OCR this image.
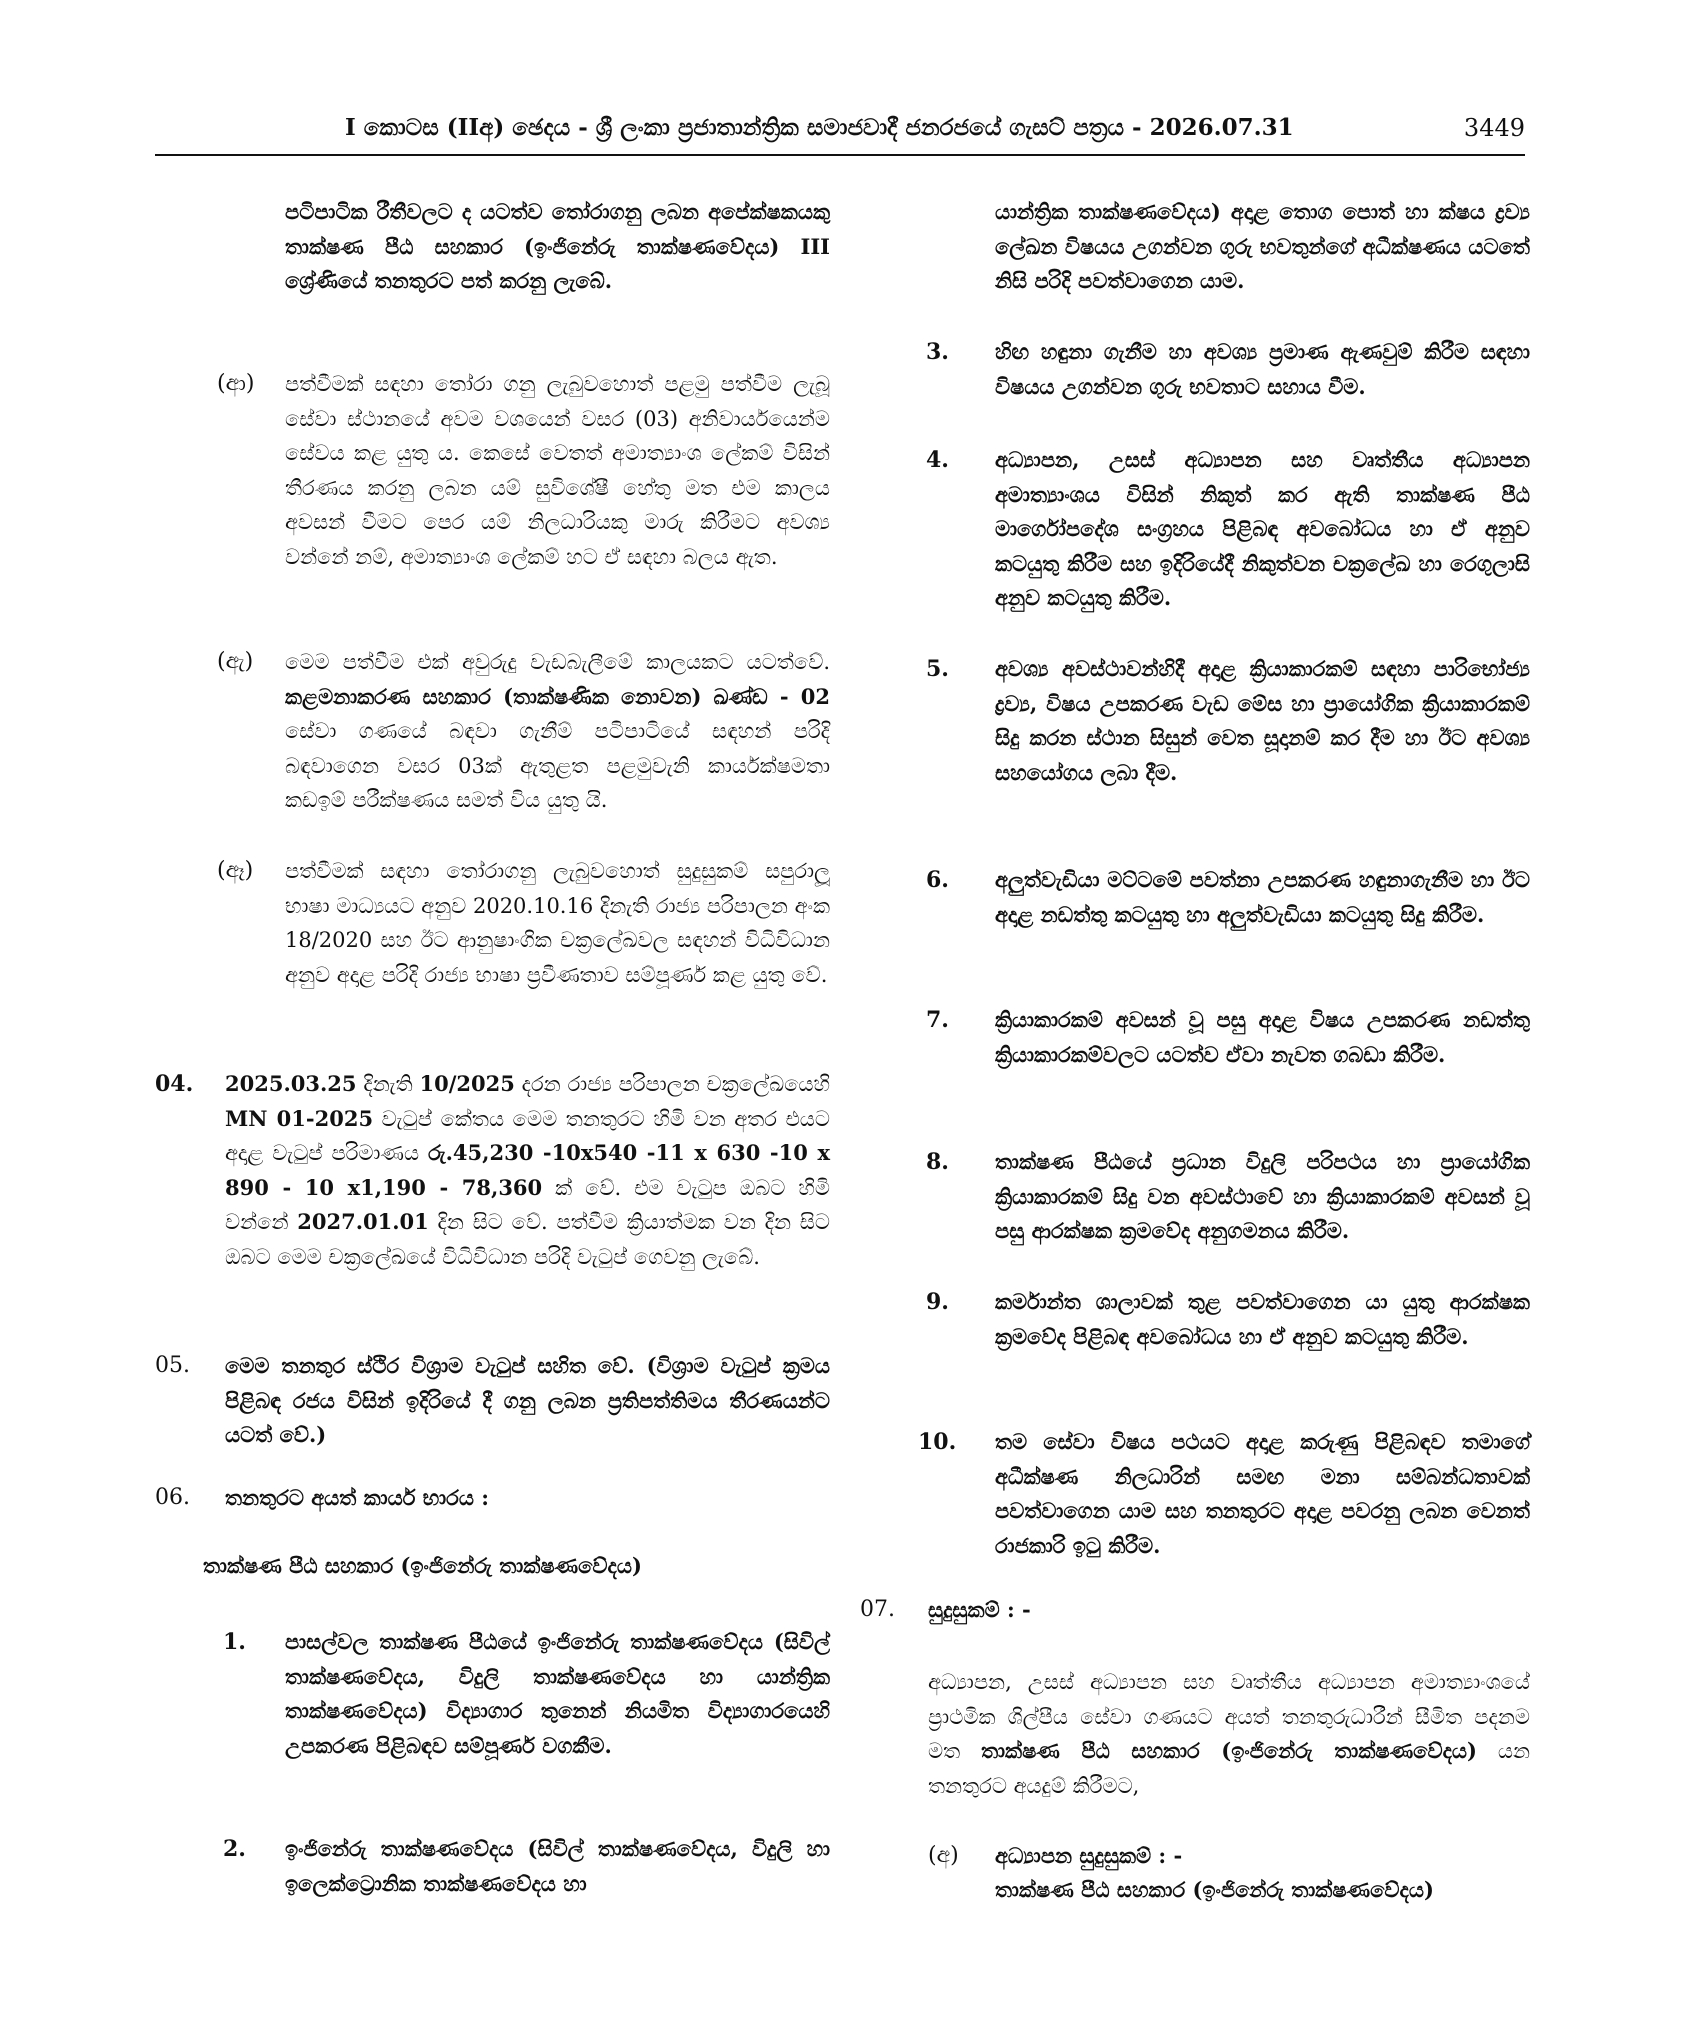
I කොටස (IIඅ) ඡෙදය - ශ්‍රී ලංකා ප්‍රජාතාන්ත්‍රික සමාජවාදී ජනරජයේ ගැසට් පත්‍රය - 2026.07.31	3449

පටිපාටික රීතීවලට ද යටත්ව තෝරාගනු ලබන අපේක්ෂකයකු තාක්ෂණ පීඨ සහකාර (ඉංජිනේරු තාක්ෂණවේදය) III ශ්‍රේණියේ තනතුරට පත් කරනු ලැබේ.

(ආ) පත්වීමක් සඳහා තෝරා ගනු ලැබුවහොත් පළමු පත්වීම ලැබූ සේවා ස්ථානයේ අවම වශයෙන් වසර (03) අනිවාර්යයෙන්ම සේවය කළ යුතු ය. කෙසේ වෙතත් අමාත්‍යාංශ ලේකම් විසින් තීරණය කරනු ලබන යම් සුවිශේෂී හේතු මත එම කාලය අවසන් වීමට පෙර යම් නිලධාරියකු මාරු කිරීමට අවශ්‍ය වන්නේ නම්, අමාත්‍යාංශ ලේකම් හට ඒ සඳහා බලය ඇත.

(ඇ) මෙම පත්වීම එක් අවුරුදු වැඩබැලීමේ කාලයකට යටත්වේ. කළමනාකරණ සහකාර (තාක්ෂණික නොවන) ඛණ්ඩ - 02 සේවා ගණයේ බඳවා ගැනීම් පටිපාටියේ සඳහන් පරිදි බඳවාගෙන වසර 03ක් ඇතුළත පළමුවැනි කාර්යක්ෂමතා කඩඉම් පරීක්ෂණය සමත් විය යුතු යි.

(ඈ) පත්වීමක් සඳහා තෝරාගනු ලැබුවහොත් සුදුසුකම් සපුරාලූ භාෂා මාධ්‍යයට අනුව 2020.10.16 දිනැති රාජ්‍ය පරිපාලන අංක 18/2020 සහ ඊට ආනුෂාංගික චක්‍රලේඛවල සඳහන් විධිවිධාන අනුව අදාළ පරිදි රාජ්‍ය භාෂා ප්‍රවීණතාව සම්පූර්ණ කළ යුතු වේ.

04. 2025.03.25 දිනැති 10/2025 දරන රාජ්‍ය පරිපාලන චක්‍රලේඛයෙහි MN 01-2025 වැටුප් කේතය මෙම තනතුරට හිමි වන අතර එයට අදාළ වැටුප් පරිමාණය රු.45,230 -10x540 -11 x 630 -10 x 890 - 10 x1,190 - 78,360 ක් වේ. එම වැටුප ඔබට හිමි වන්නේ 2027.01.01 දින සිට වේ. පත්වීම ක්‍රියාත්මක වන දින සිට ඔබට මෙම චක්‍රලේඛයේ විධිවිධාන පරිදි වැටුප් ගෙවනු ලැබේ.

05. මෙම තනතුර ස්ථිර විශ්‍රාම වැටුප් සහිත වේ. (විශ්‍රාම වැටුප් ක්‍රමය පිළිබඳ රජය විසින් ඉදිරියේ දී ගනු ලබන ප්‍රතිපත්තිමය තීරණයන්ට යටත් වේ.)

06. තනතුරට අයත් කාර්ය භාරය :

තාක්ෂණ පීඨ සහකාර (ඉංජිනේරු තාක්ෂණවේදය)

1. පාසල්වල තාක්ෂණ පීඨයේ ඉංජිනේරු තාක්ෂණවේදය (සිවිල් තාක්ෂණවේදය, විදුලි තාක්ෂණවේදය හා යාන්ත්‍රික තාක්ෂණවේදය) විද්‍යාගාර තුනෙන් නියමිත විද්‍යාගාරයෙහි උපකරණ පිළිබඳව සම්පූර්ණ වගකීම.

2. ඉංජිනේරු තාක්ෂණවේදය (සිවිල් තාක්ෂණවේදය, විදුලි හා ඉලෙක්ට්‍රොනික තාක්ෂණවේදය හා

යාන්ත්‍රික තාක්ෂණවේදය) අදාළ තොග පොත් හා ක්ෂය ද්‍රව්‍ය ලේඛන විෂයය උගන්වන ගුරු භවතුන්ගේ අධීක්ෂණය යටතේ නිසි පරිදි පවත්වාගෙන යාම.

3. හිඟ හඳුනා ගැනීම හා අවශ්‍ය ප්‍රමාණ ඇණවුම් කිරීම සඳහා විෂයය උගන්වන ගුරු භවතාට සහාය වීම.

4. අධ්‍යාපන, උසස් අධ්‍යාපන සහ වෘත්තීය අධ්‍යාපන අමාත්‍යාංශය විසින් නිකුත් කර ඇති තාක්ෂණ පීඨ මාර්ගෝපදේශ සංග්‍රහය පිළිබඳ අවබෝධය හා ඒ අනුව කටයුතු කිරීම සහ ඉදිරියේදී නිකුත්වන චක්‍රලේඛ හා රෙගුලාසි අනුව කටයුතු කිරීම.

5. අවශ්‍ය අවස්ථාවන්හිදී අදාළ ක්‍රියාකාරකම් සඳහා පාරිභෝජ්‍ය ද්‍රව්‍ය, විෂය උපකරණ වැඩ මේස හා ප්‍රායෝගික ක්‍රියාකාරකම් සිදු කරන ස්ථාන සිසුන් වෙත සූදානම් කර දීම හා ඊට අවශ්‍ය සහයෝගය ලබා දීම.

6. අලුත්වැඩියා මට්ටමේ පවත්නා උපකරණ හඳුනාගැනීම හා ඊට අදාළ නඩත්තු කටයුතු හා අලුත්වැඩියා කටයුතු සිදු කිරීම.

7. ක්‍රියාකාරකම් අවසන් වූ පසු අදාළ විෂය උපකරණ නඩත්තු ක්‍රියාකාරකම්වලට යටත්ව ඒවා නැවත ගබඩා කිරීම.

8. තාක්ෂණ පීඨයේ ප්‍රධාන විදුලි පරිපථය හා ප්‍රායෝගික ක්‍රියාකාරකම් සිදු වන අවස්ථාවේ හා ක්‍රියාකාරකම් අවසන් වූ පසු ආරක්ෂක ක්‍රමවේද අනුගමනය කිරීම.

9. කර්මාන්ත ශාලාවක් තුළ පවත්වාගෙන යා යුතු ආරක්ෂක ක්‍රමවේද පිළිබඳ අවබෝධය හා ඒ අනුව කටයුතු කිරීම.

10. තම සේවා විෂය පථයට අදාළ කරුණු පිළිබඳව තමාගේ අධීක්ෂණ නිලධාරින් සමඟ මනා සම්බන්ධතාවක් පවත්වාගෙන යාම සහ තනතුරට අදාළ පවරනු ලබන වෙනත් රාජකාරි ඉටු කිරීම.

07. සුදුසුකම් : -

අධ්‍යාපන, උසස් අධ්‍යාපන සහ වෘත්තීය අධ්‍යාපන අමාත්‍යාංශයේ ප්‍රාථමික ශිල්පීය සේවා ගණයට අයත් තනතුරුධාරීන් සීමිත පදනම මත තාක්ෂණ පීඨ සහකාර (ඉංජිනේරු තාක්ෂණවේදය) යන තනතුරට අයදුම් කිරීමට,

(අ) අධ්‍යාපන සුදුසුකම් : -

තාක්ෂණ පීඨ සහකාර (ඉංජිනේරු තාක්ෂණවේදය)
